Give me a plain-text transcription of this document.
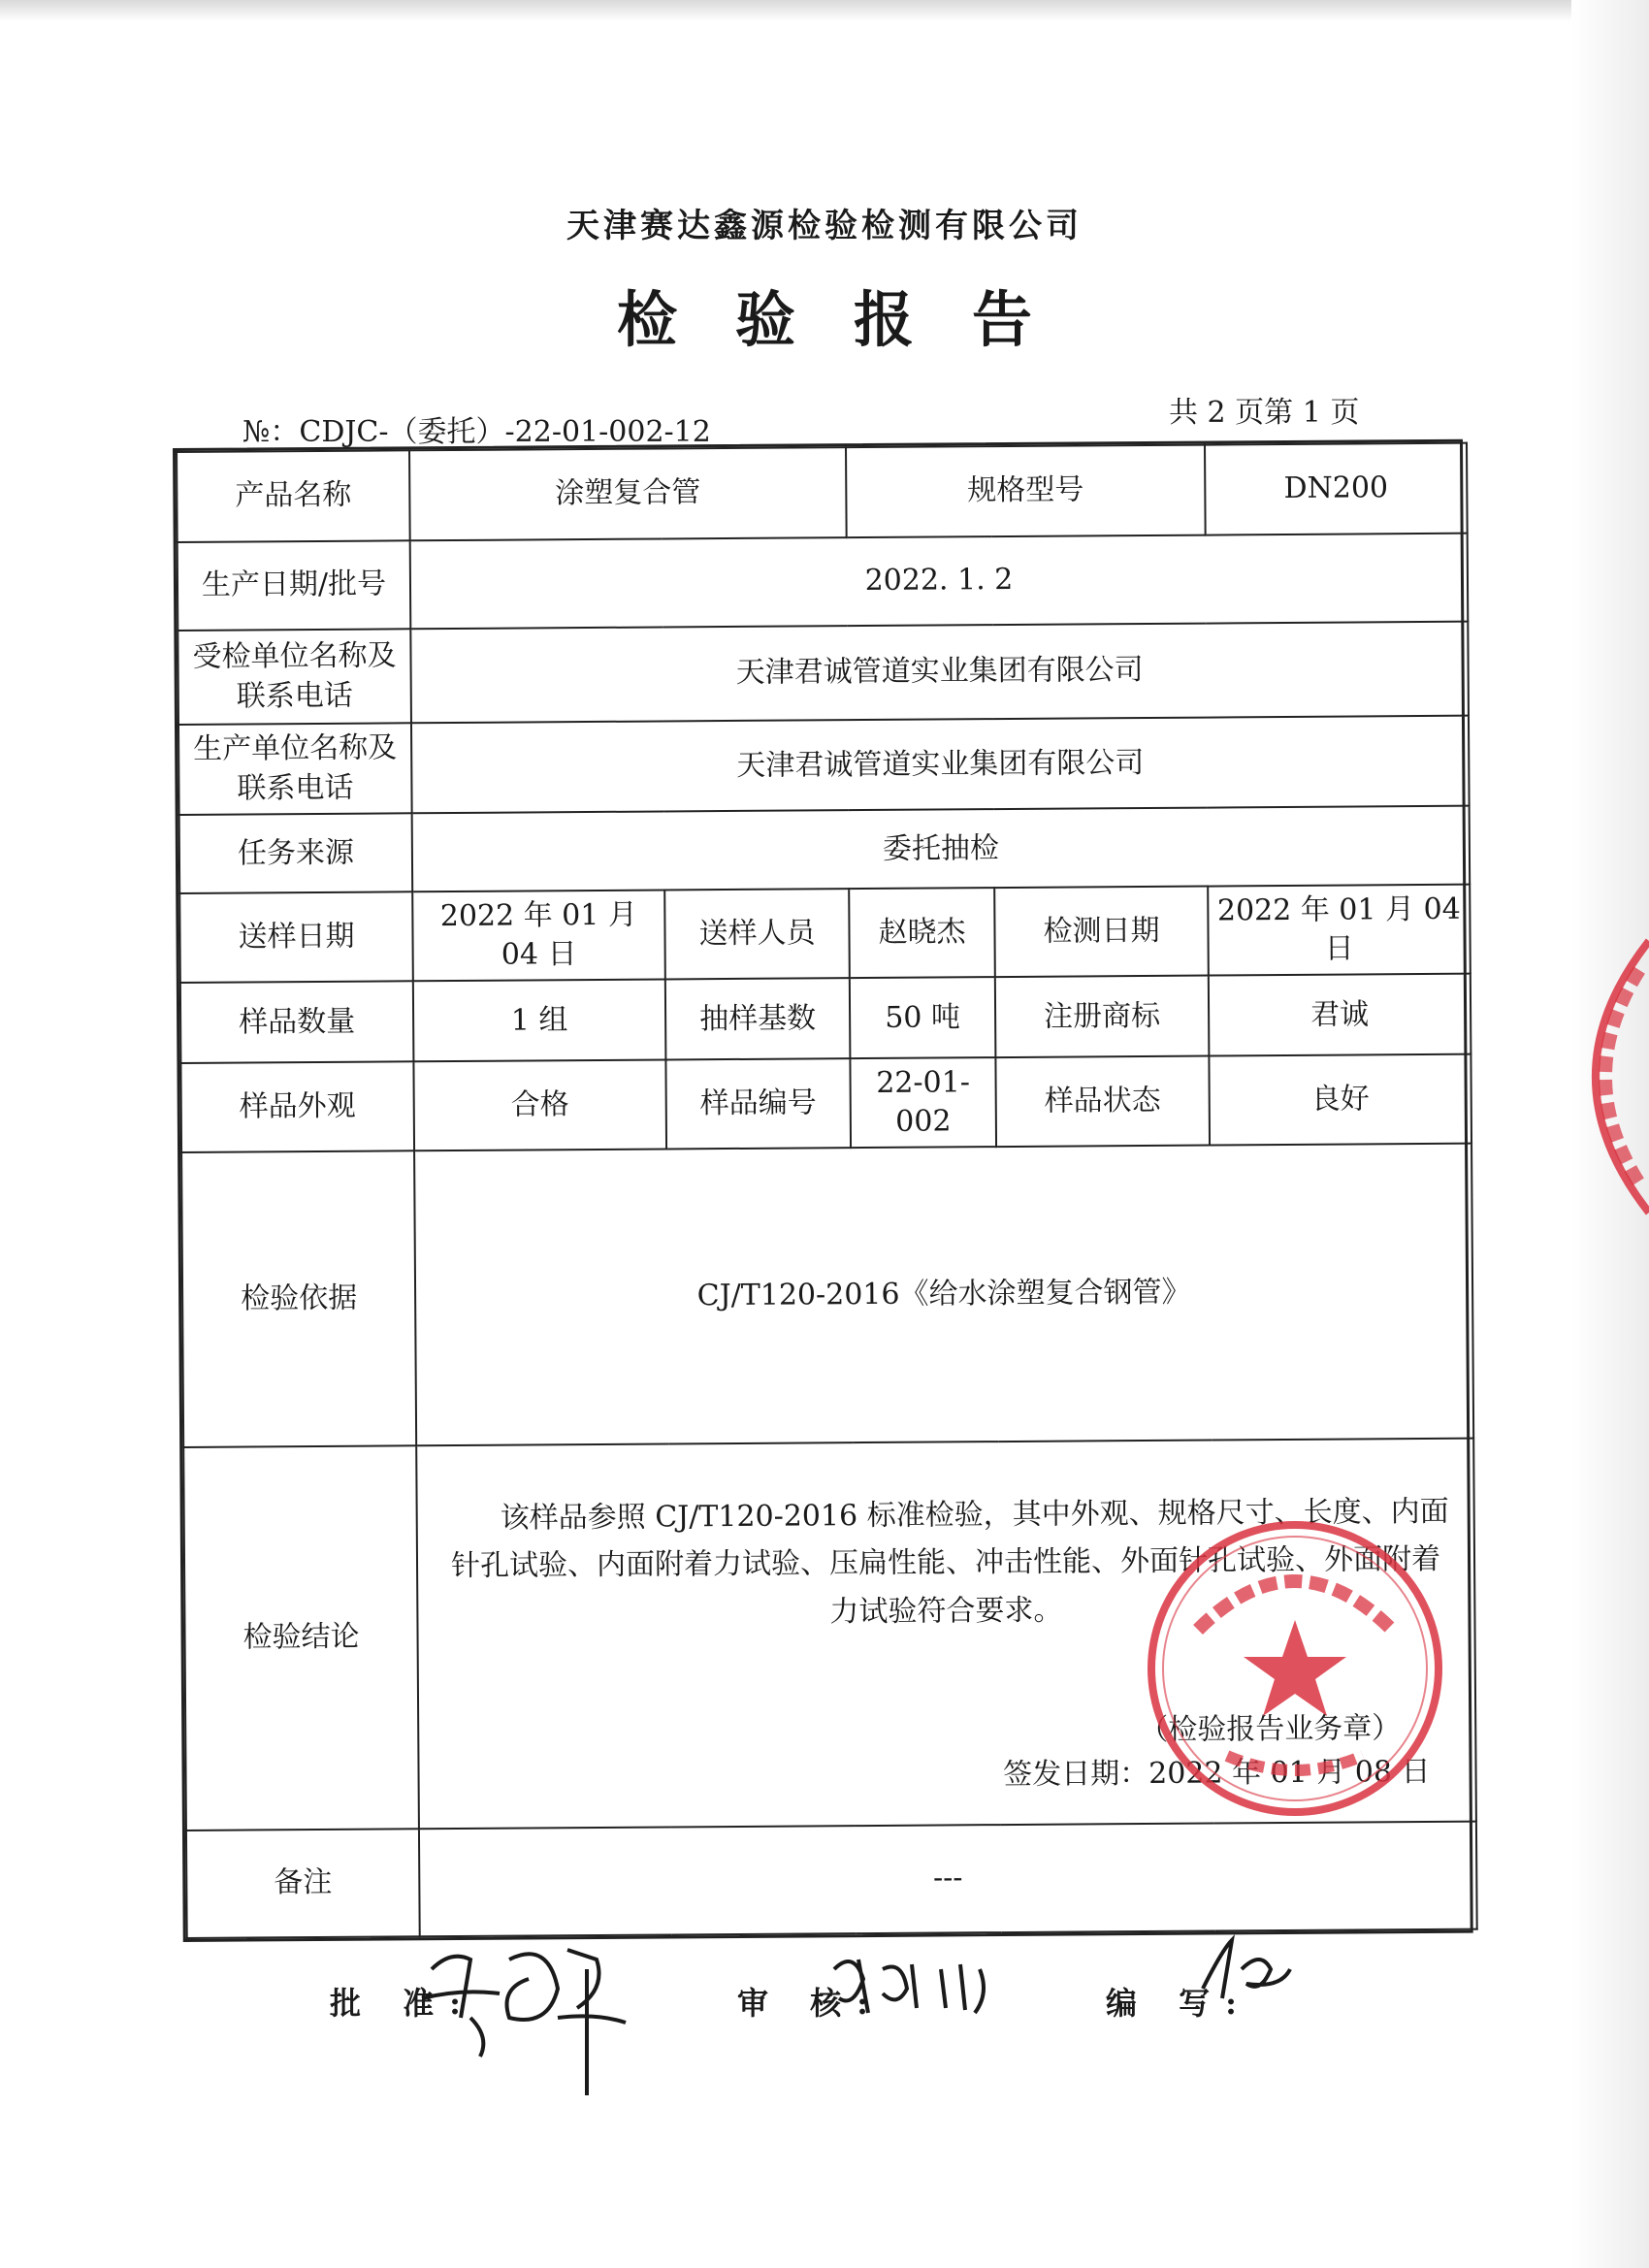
天津赛达鑫源检验检测有限公司
检验报告
№：CDJC-（委托）-22-01-002-12
共 2 页第 1 页
产品名称	涂塑复合管		规格型号		DN200
生产日期/批号	2022. 1. 2				
受检单位名称及联系电话	天津君诚管道实业集团有限公司				
生产单位名称及联系电话	天津君诚管道实业集团有限公司				
任务来源	委托抽检				
送样日期	2022 年 01 月 04 日	送样人员	赵晓杰	检测日期	2022 年 01 月 04 日
样品数量	1 组	抽样基数	50 吨	注册商标	君诚
样品外观	合格	样品编号	22-01-002	样品状态	良好
检验依据	CJ/T120-2016《给水涂塑复合钢管》				
检验结论	该样品参照 CJ/T120-2016 标准检验，其中外观、规格尺寸、长度、内面针孔试验、内面附着力试验、压扁性能、冲击性能、外面针孔试验、外面附着力试验符合要求。
（检验报告业务章）
签发日期：2022 年 01 月 08 日				

备注	---				
批 准:	审 核:	编 写:
